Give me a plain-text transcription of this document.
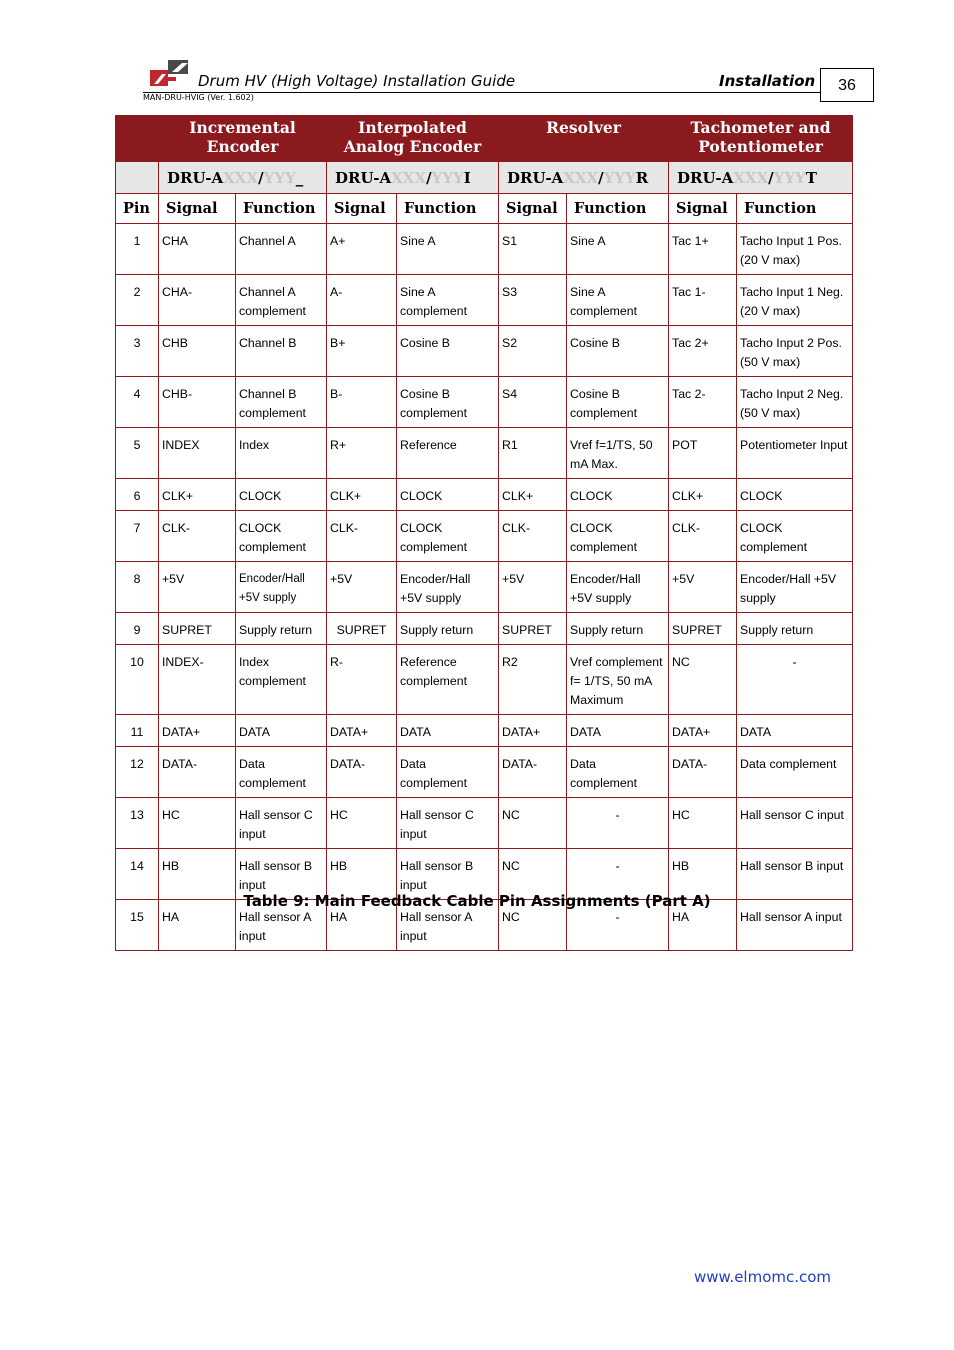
Drum HV (High Voltage) Installation Guide	Installation
MAN-DRU-HVIG (Ver. 1.602)
36
	Incremental Encoder		Interpolated Analog Encoder		Resolver		Tachometer and Potentiometer	
	DRU-AXXX/YYY_		DRU-AXXX/YYYI		DRU-AXXX/YYYR		DRU-AXXX/YYYT	
Pin	Signal	Function	Signal	Function	Signal	Function	Signal	Function
1	CHA	Channel A	A+	Sine A	S1	Sine A	Tac 1+	Tacho Input 1 Pos. (20 V max)
2	CHA-	Channel A complement	A-	Sine A complement	S3	Sine A complement	Tac 1-	Tacho Input 1 Neg. (20 V max)
3	CHB	Channel B	B+	Cosine B	S2	Cosine B	Tac 2+	Tacho Input 2 Pos. (50 V max)
4	CHB-	Channel B complement	B-	Cosine B complement	S4	Cosine B complement	Tac 2-	Tacho Input 2 Neg. (50 V max)
5	INDEX	Index	R+	Reference	R1	Vref f=1/TS, 50 mA Max.	POT	Potentiometer Input
6	CLK+	CLOCK	CLK+	CLOCK	CLK+	CLOCK	CLK+	CLOCK
7	CLK-	CLOCK complement	CLK-	CLOCK complement	CLK-	CLOCK complement	CLK-	CLOCK complement
8	+5V	Encoder/Hall +5V supply	+5V	Encoder/Hall +5V supply	+5V	Encoder/Hall +5V supply	+5V	Encoder/Hall +5V supply
9	SUPRET	Supply return	SUPRET	Supply return	SUPRET	Supply return	SUPRET	Supply return
10	INDEX-	Index complement	R-	Reference complement	R2	Vref complement f= 1/TS, 50 mA Maximum	NC	-
11	DATA+	DATA	DATA+	DATA	DATA+	DATA	DATA+	DATA
12	DATA-	Data complement	DATA-	Data complement	DATA-	Data complement	DATA-	Data complement
13	HC	Hall sensor C input	HC	Hall sensor C input	NC	-	HC	Hall sensor C input
14	HB	Hall sensor B input	HB	Hall sensor B input	NC	-	HB	Hall sensor B input
15	HA	Hall sensor A input	HA	Hall sensor A input	NC	-	HA	Hall sensor A input
Table 9: Main Feedback Cable Pin Assignments (Part A)
www.elmomc.com
